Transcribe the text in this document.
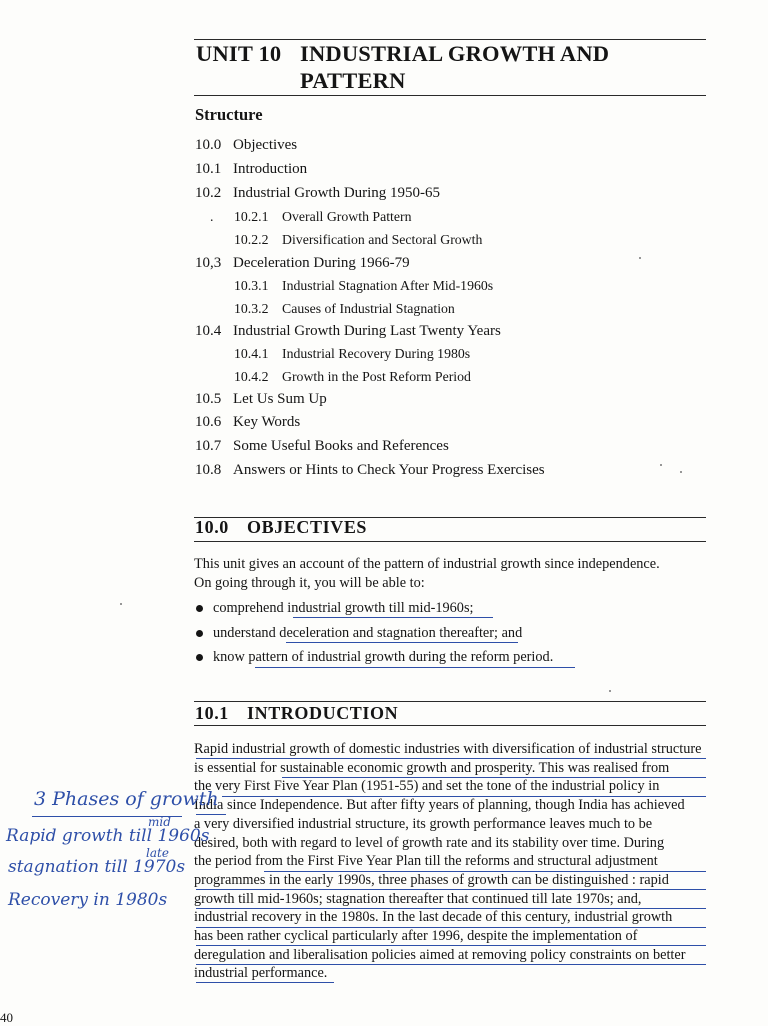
UNIT 10 INDUSTRIAL GROWTH AND
PATTERN
Structure
10.0 Objectives
10.1 Introduction
10.2 Industrial Growth During 1950-65
. 10.2.1 Overall Growth Pattern
10.2.2 Diversification and Sectoral Growth
10,3 Deceleration During 1966-79
10.3.1 Industrial Stagnation After Mid-1960s
10.3.2 Causes of Industrial Stagnation
10.4 Industrial Growth During Last Twenty Years
10.4.1 Industrial Recovery During 1980s
10.4.2 Growth in the Post Reform Period
10.5 Let Us Sum Up
10.6 Key Words
10.7 Some Useful Books and References
10.8 Answers or Hints to Check Your Progress Exercises
10.0 OBJECTIVES
This unit gives an account of the pattern of industrial growth since independence.
On going through it, you will be able to:
comprehend industrial growth till mid-1960s;
understand deceleration and stagnation thereafter; and
know pattern of industrial growth during the reform period.
10.1 INTRODUCTION
Rapid industrial growth of domestic industries with diversification of industrial structure
is essential for sustainable economic growth and prosperity. This was realised from
the very First Five Year Plan (1951-55) and set the tone of the industrial policy in
India since Independence. But after fifty years of planning, though India has achieved
a very diversified industrial structure, its growth performance leaves much to be
desired, both with regard to level of growth rate and its stability over time. During
the period from the First Five Year Plan till the reforms and structural adjustment
programmes in the early 1990s, three phases of growth can be distinguished : rapid
growth till mid-1960s; stagnation thereafter that continued till late 1970s; and,
industrial recovery in the 1980s. In the last decade of this century, industrial growth
has been rather cyclical particularly after 1996, despite the implementation of
deregulation and liberalisation policies aimed at removing policy constraints on better
industrial performance.
3 Phases of growth
mid
Rapid growth till 1960s
late
stagnation till 1970s
Recovery in 1980s
40
